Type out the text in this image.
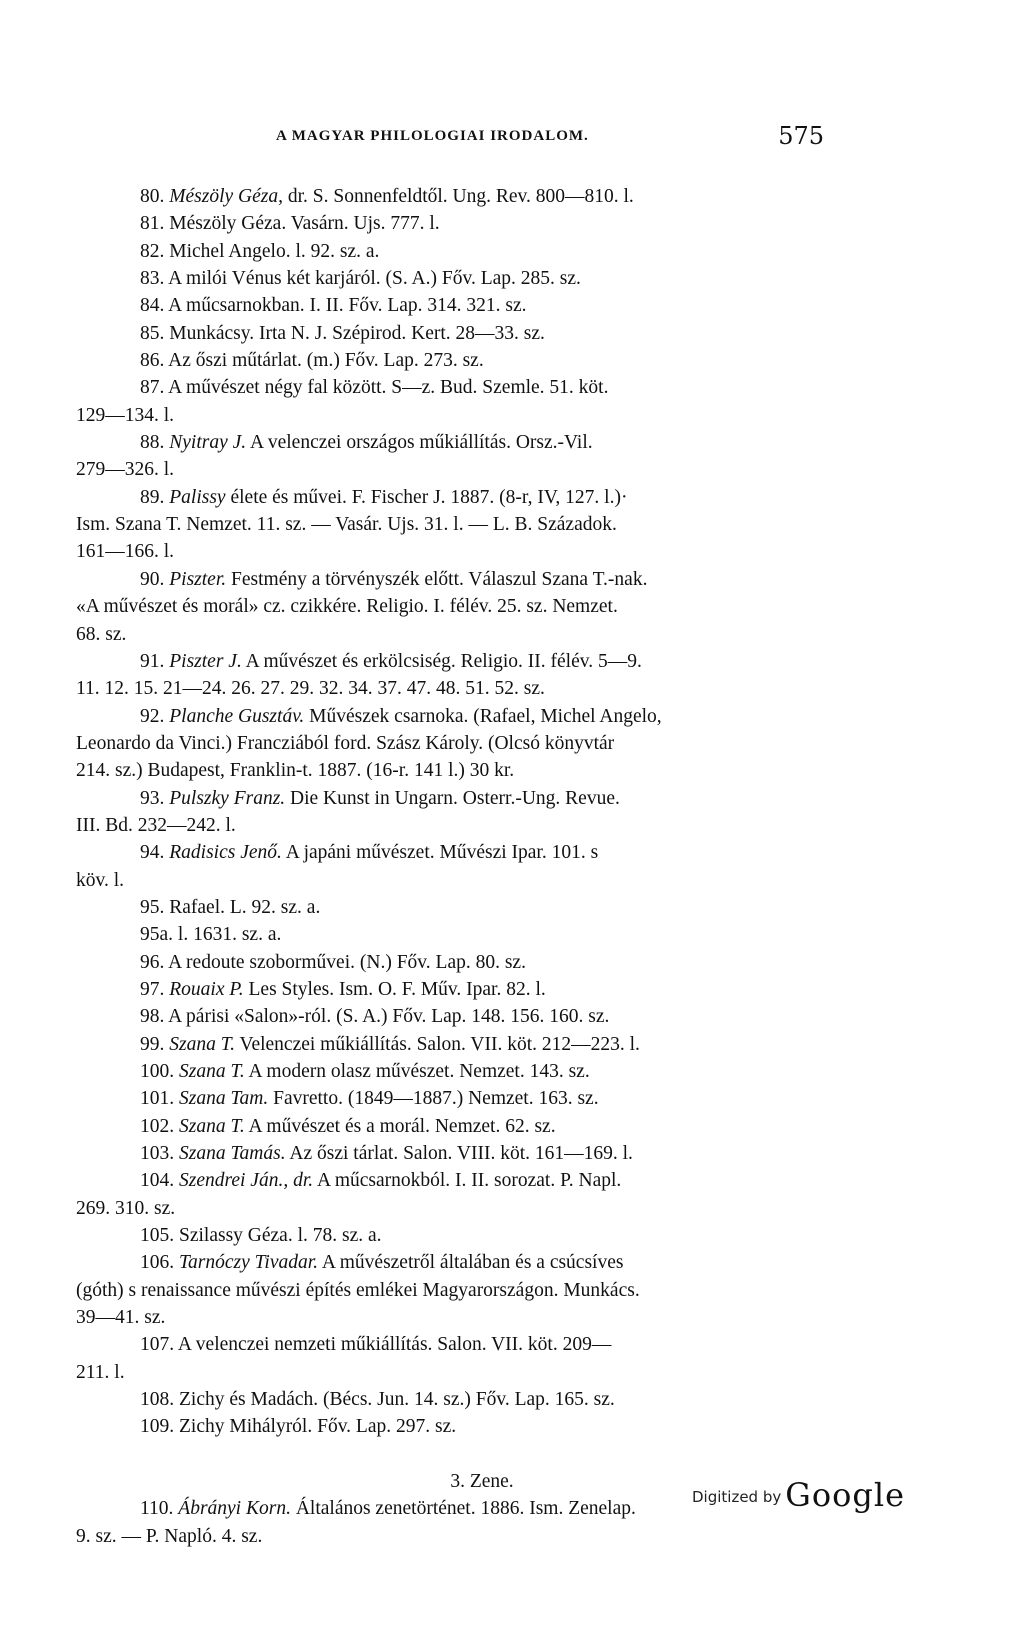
A MAGYAR PHILOLOGIAI IRODALOM.	575

80. Mészöly Géza, dr. S. Sonnenfeldtől. Ung. Rev. 800—810. l.

81. Mészöly Géza. Vasárn. Ujs. 777. l.

82. Michel Angelo. l. 92. sz. a.

83. A milói Vénus két karjáról. (S. A.) Főv. Lap. 285. sz.

84. A műcsarnokban. I. II. Főv. Lap. 314. 321. sz.

85. Munkácsy. Irta N. J. Szépirod. Kert. 28—33. sz.

86. Az őszi műtárlat. (m.) Főv. Lap. 273. sz.

87. A művészet négy fal között. S—z. Bud. Szemle. 51. köt.
129—134. l.

88. Nyitray J. A velenczei országos műkiállítás. Orsz.-Vil.
279—326. l.

89. Palissy élete és művei. F. Fischer J. 1887. (8-r, IV, 127. l.)·
Ism. Szana T. Nemzet. 11. sz. — Vasár. Ujs. 31. l. — L. B. Századok.
161—166. l.

90. Piszter. Festmény a törvényszék előtt. Válaszul Szana T.-nak.
«A művészet és morál» cz. czikkére. Religio. I. félév. 25. sz. Nemzet.
68. sz.

91. Piszter J. A művészet és erkölcsiség. Religio. II. félév. 5—9.
11. 12. 15. 21—24. 26. 27. 29. 32. 34. 37. 47. 48. 51. 52. sz.

92. Planche Gusztáv. Művészek csarnoka. (Rafael, Michel Angelo,
Leonardo da Vinci.) Francziából ford. Szász Károly. (Olcsó könyvtár
214. sz.) Budapest, Franklin-t. 1887. (16-r. 141 l.) 30 kr.

93. Pulszky Franz. Die Kunst in Ungarn. Osterr.-Ung. Revue.
III. Bd. 232—242. l.

94. Radisics Jenő. A japáni művészet. Művészi Ipar. 101. s
köv. l.

95. Rafael. L. 92. sz. a.

95a. l. 1631. sz. a.

96. A redoute szoborművei. (N.) Főv. Lap. 80. sz.

97. Rouaix P. Les Styles. Ism. O. F. Műv. Ipar. 82. l.

98. A párisi «Salon»-ról. (S. A.) Főv. Lap. 148. 156. 160. sz.

99. Szana T. Velenczei műkiállítás. Salon. VII. köt. 212—223. l.

100. Szana T. A modern olasz művészet. Nemzet. 143. sz.

101. Szana Tam. Favretto. (1849—1887.) Nemzet. 163. sz.

102. Szana T. A művészet és a morál. Nemzet. 62. sz.

103. Szana Tamás. Az őszi tárlat. Salon. VIII. köt. 161—169. l.

104. Szendrei Ján., dr. A műcsarnokból. I. II. sorozat. P. Napl.
269. 310. sz.

105. Szilassy Géza. l. 78. sz. a.

106. Tarnóczy Tivadar. A művészetről általában és a csúcsíves
(góth) s renaissance művészi építés emlékei Magyarországon. Munkács.
39—41. sz.

107. A velenczei nemzeti műkiállítás. Salon. VII. köt. 209—
211. l.

108. Zichy és Madách. (Bécs. Jun. 14. sz.) Főv. Lap. 165. sz.

109. Zichy Mihályról. Főv. Lap. 297. sz.

3. Zene.

110. Ábrányi Korn. Általános zenetörténet. 1886. Ism. Zenelap.
9. sz. — P. Napló. 4. sz.

Digitized by Google
